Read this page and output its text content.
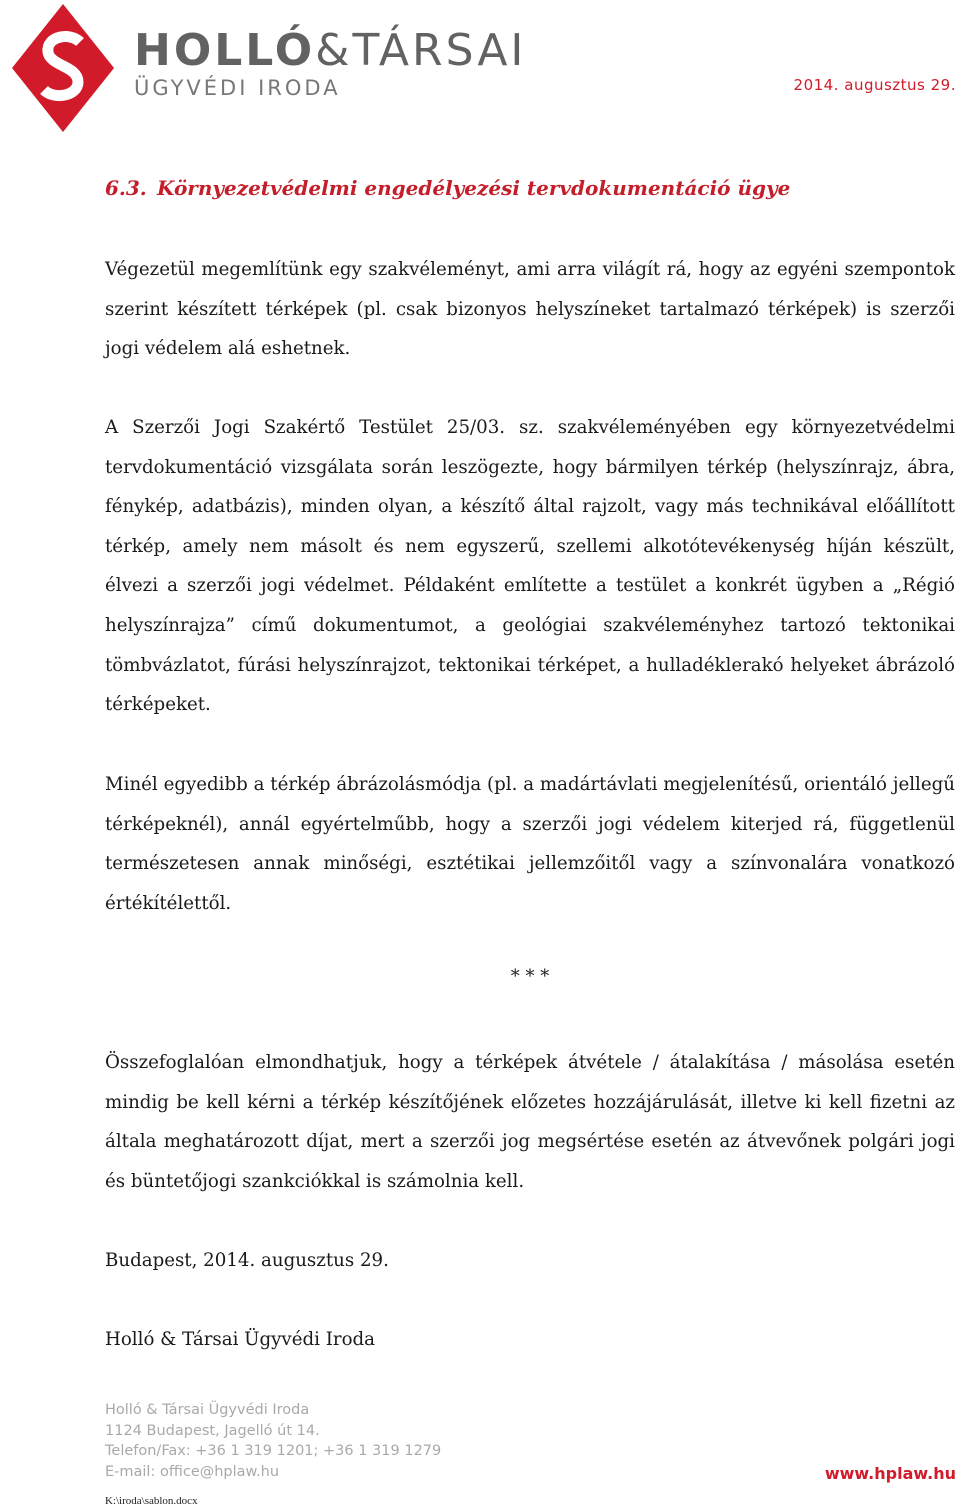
HOLLÓ&TÁRSAI
ÜGYVÉDI IRODA	2014. augusztus 29.
6.3. Környezetvédelmi engedélyezési tervdokumentáció ügye

Végezetül megemlítünk egy szakvéleményt, ami arra világít rá, hogy az egyéni szempontok szerint készített térképek (pl. csak bizonyos helyszíneket tartalmazó térképek) is szerzői jogi védelem alá eshetnek.

A Szerzői Jogi Szakértő Testület 25/03. sz. szakvéleményében egy környezetvédelmi tervdokumentáció vizsgálata során leszögezte, hogy bármilyen térkép (helyszínrajz, ábra, fénykép, adatbázis), minden olyan, a készítő által rajzolt, vagy más technikával előállított térkép, amely nem másolt és nem egyszerű, szellemi alkotótevékenység híján készült, élvezi a szerzői jogi védelmet. Példaként említette a testület a konkrét ügyben a „Régió helyszínrajza” című dokumentumot, a geológiai szakvéleményhez tartozó tektonikai tömbvázlatot, fúrási helyszínrajzot, tektonikai térképet, a hulladéklerakó helyeket ábrázoló térképeket.

Minél egyedibb a térkép ábrázolásmódja (pl. a madártávlati megjelenítésű, orientáló jellegű térképeknél), annál egyértelműbb, hogy a szerzői jogi védelem kiterjed rá, függetlenül természetesen annak minőségi, esztétikai jellemzőitől vagy a színvonalára vonatkozó értékítélettől.

* * *

Összefoglalóan elmondhatjuk, hogy a térképek átvétele / átalakítása / másolása esetén mindig be kell kérni a térkép készítőjének előzetes hozzájárulását, illetve ki kell fizetni az általa meghatározott díjat, mert a szerzői jog megsértése esetén az átvevőnek polgári jogi és büntetőjogi szankciókkal is számolnia kell.

Budapest, 2014. augusztus 29.

Holló & Társai Ügyvédi Iroda

Holló & Társai Ügyvédi Iroda
1124 Budapest, Jagelló út 14.
Telefon/Fax: +36 1 319 1201; +36 1 319 1279
E-mail: office@hplaw.hu	www.hplaw.hu
K:\iroda\sablon.docx
